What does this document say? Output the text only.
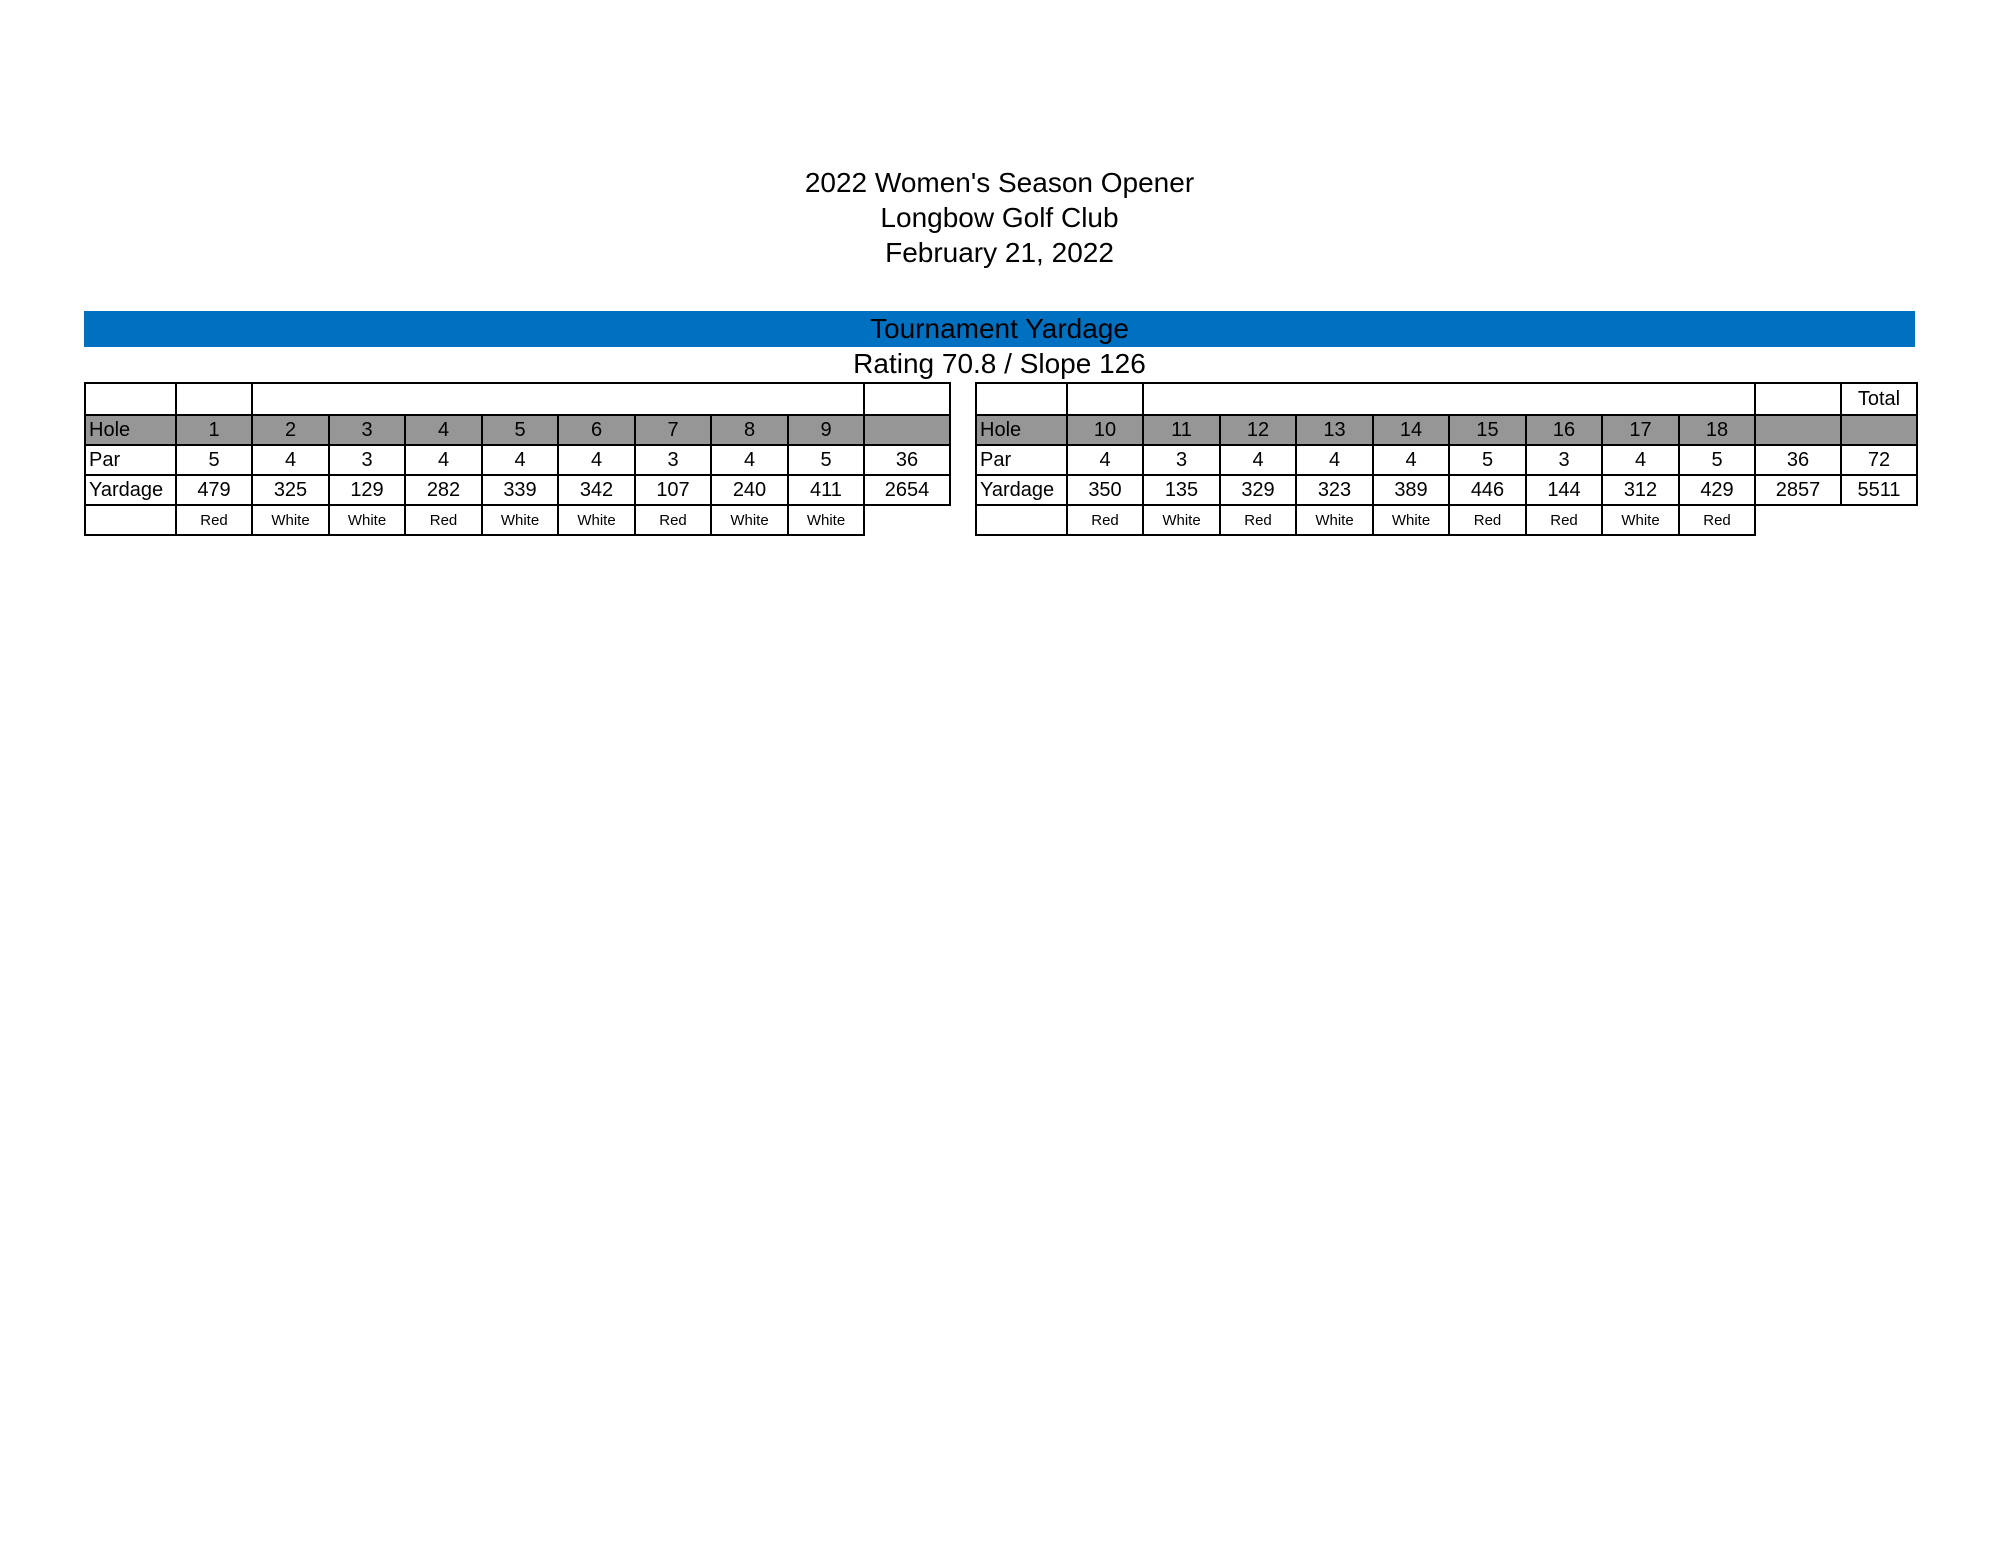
2022 Women's Season Opener
Longbow Golf Club
February 21, 2022
Tournament Yardage
Rating 70.8 / Slope 126

Hole	1	2	3	4	5	6	7	8	9	
Par	5	4	3	4	4	4	3	4	5	36
Yardage	479	325	129	282	339	342	107	240	411	2654
	Red	White	White	Red	White	White	Red	White	White	
											Total
Hole	10	11	12	13	14	15	16	17	18		
Par	4	3	4	4	4	5	3	4	5	36	72
Yardage	350	135	329	323	389	446	144	312	429	2857	5511
	Red	White	Red	White	White	Red	Red	White	Red		
